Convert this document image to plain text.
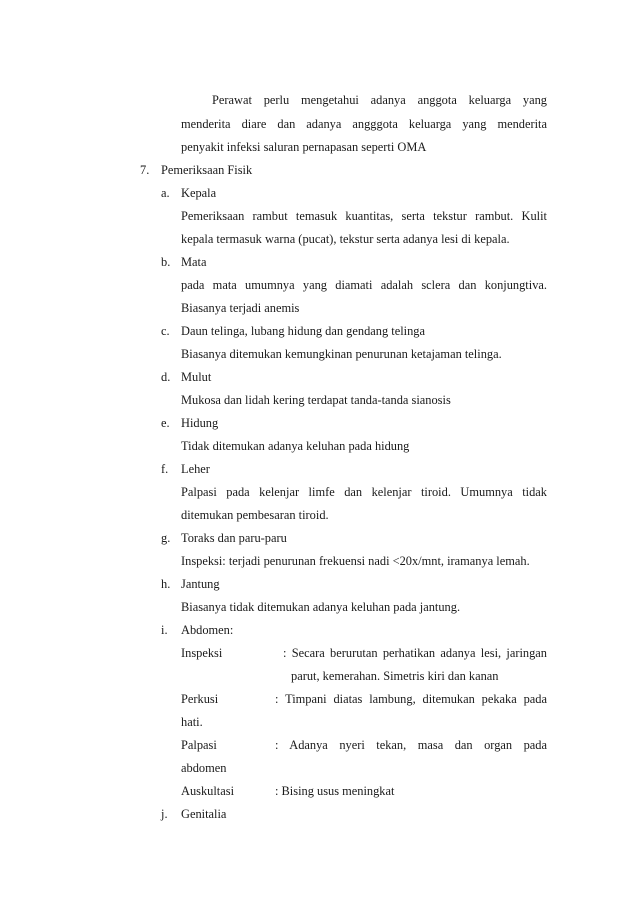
Perawat perlu mengetahui adanya anggota keluarga yang
menderita diare dan adanya angggota keluarga yang menderita
penyakit infeksi saluran pernapasan seperti OMA
7. Pemeriksaan Fisik
a. Kepala
Pemeriksaan rambut temasuk kuantitas, serta tekstur rambut. Kulit
kepala termasuk warna (pucat), tekstur serta adanya lesi di kepala.
b. Mata
pada mata umumnya yang diamati adalah sclera dan konjungtiva.
Biasanya terjadi anemis
c. Daun telinga, lubang hidung dan gendang telinga
Biasanya ditemukan kemungkinan penurunan ketajaman telinga.
d. Mulut
Mukosa dan lidah kering terdapat tanda-tanda sianosis
e. Hidung
Tidak ditemukan adanya keluhan pada hidung
f. Leher
Palpasi pada kelenjar limfe dan kelenjar tiroid. Umumnya tidak
ditemukan pembesaran tiroid.
g. Toraks dan paru-paru
Inspeksi: terjadi penurunan frekuensi nadi <20x/mnt, iramanya lemah.
h. Jantung
Biasanya tidak ditemukan adanya keluhan pada jantung.
i. Abdomen:
Inspeksi	: Secara berurutan perhatikan adanya lesi, jaringan
parut, kemerahan. Simetris kiri dan kanan
Perkusi	: Timpani diatas lambung, ditemukan pekaka pada
hati.
Palpasi	: Adanya nyeri tekan, masa dan organ pada
abdomen
Auskultasi	: Bising usus meningkat
j. Genitalia
